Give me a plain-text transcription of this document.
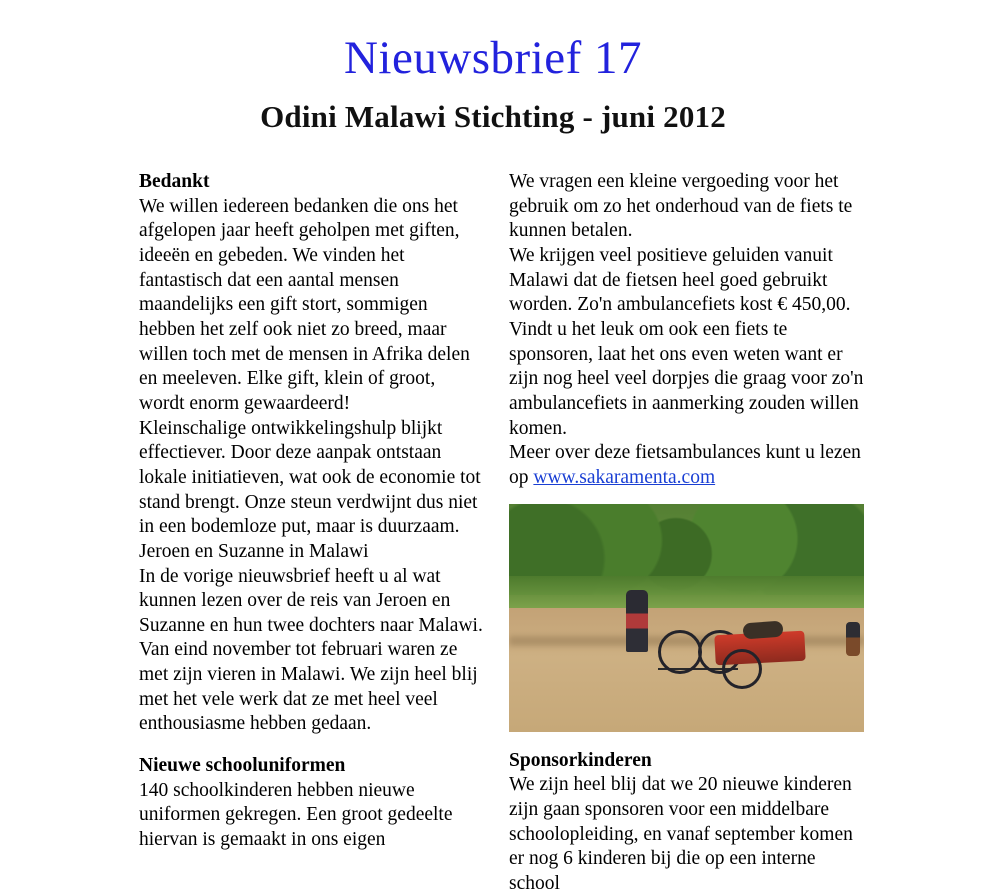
Nieuwsbrief 17
Odini Malawi Stichting - juni 2012
Bedankt

We willen iedereen bedanken die ons het afgelopen jaar heeft geholpen met giften, ideeën en gebeden. We vinden het fantastisch dat een aantal mensen maandelijks een gift stort, sommigen hebben het zelf ook niet zo breed, maar willen toch met de mensen in Afrika delen en meeleven. Elke gift, klein of groot, wordt enorm gewaardeerd!

Kleinschalige ontwikkelingshulp blijkt effectiever. Door deze aanpak ontstaan lokale initiatieven, wat ook de economie tot stand brengt. Onze steun verdwijnt dus niet in een bodemloze put, maar is duurzaam.

Jeroen en Suzanne in Malawi

In de vorige nieuwsbrief heeft u al wat kunnen lezen over de reis van Jeroen en Suzanne en hun twee dochters naar Malawi.

Van eind november tot februari waren ze met zijn vieren in Malawi. We zijn heel blij met het vele werk dat ze met heel veel enthousiasme hebben gedaan.

Nieuwe schooluniformen

140 schoolkinderen hebben nieuwe uniformen gekregen. Een groot gedeelte hiervan is gemaakt in ons eigen

We vragen een kleine vergoeding voor het gebruik om zo het onderhoud van de fiets te kunnen betalen.

We krijgen veel positieve geluiden vanuit Malawi dat de fietsen heel goed gebruikt worden. Zo'n ambulancefiets kost € 450,00. Vindt u het leuk om ook een fiets te sponsoren, laat het ons even weten want er zijn nog heel veel dorpjes die graag voor zo'n ambulancefiets in aanmerking zouden willen komen.

Meer over deze fietsambulances kunt u lezen op www.sakaramenta.com

Sponsorkinderen

We zijn heel blij dat we 20 nieuwe kinderen zijn gaan sponsoren voor een middelbare schoolopleiding, en vanaf september komen er nog 6 kinderen bij die op een interne school
